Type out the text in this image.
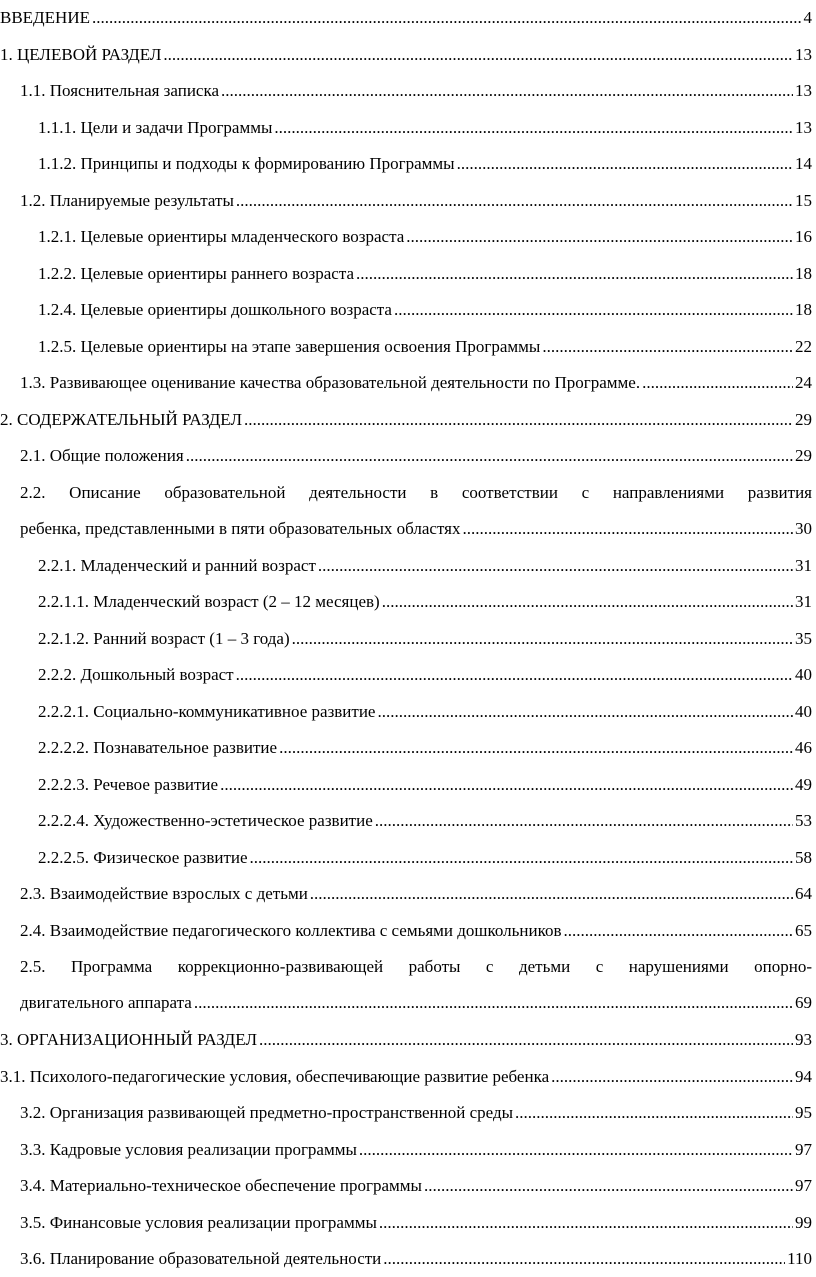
ВВЕДЕНИЕ .....	4
1. ЦЕЛЕВОЙ РАЗДЕЛ .....	13
1.1. Пояснительная записка .....	13
1.1.1. Цели и задачи Программы .....	13
1.1.2. Принципы и подходы к формированию Программы .....	14
1.2. Планируемые результаты .....	15
1.2.1. Целевые ориентиры младенческого возраста .....	16
1.2.2. Целевые ориентиры раннего возраста .....	18
1.2.4. Целевые ориентиры дошкольного возраста .....	18
1.2.5. Целевые ориентиры на этапе завершения освоения Программы .....	22
1.3. Развивающее оценивание качества образовательной деятельности по Программе. .....	24
2. СОДЕРЖАТЕЛЬНЫЙ РАЗДЕЛ .....	29
2.1. Общие положения .....	29
2.2. Описание образовательной деятельности в соответствии с направлениями развития
ребенка, представленными в пяти образовательных областях .....	30
2.2.1. Младенческий и ранний возраст .....	31
2.2.1.1. Младенческий возраст (2 – 12 месяцев) .....	31
2.2.1.2. Ранний возраст (1 – 3 года) .....	35
2.2.2. Дошкольный возраст .....	40
2.2.2.1. Социально-коммуникативное развитие .....	40
2.2.2.2. Познавательное развитие .....	46
2.2.2.3. Речевое развитие .....	49
2.2.2.4. Художественно-эстетическое развитие .....	53
2.2.2.5. Физическое развитие .....	58
2.3. Взаимодействие взрослых с детьми .....	64
2.4. Взаимодействие педагогического коллектива с семьями дошкольников .....	65
2.5. Программа коррекционно-развивающей работы с детьми с нарушениями опорно-
двигательного аппарата .....	69
3. ОРГАНИЗАЦИОННЫЙ РАЗДЕЛ .....	93
3.1. Психолого-педагогические условия, обеспечивающие развитие ребенка .....	94
3.2. Организация развивающей предметно-пространственной среды .....	95
3.3. Кадровые условия реализации программы .....	97
3.4. Материально-техническое обеспечение программы .....	97
3.5. Финансовые условия реализации программы .....	99
3.6. Планирование образовательной деятельности .....	110
